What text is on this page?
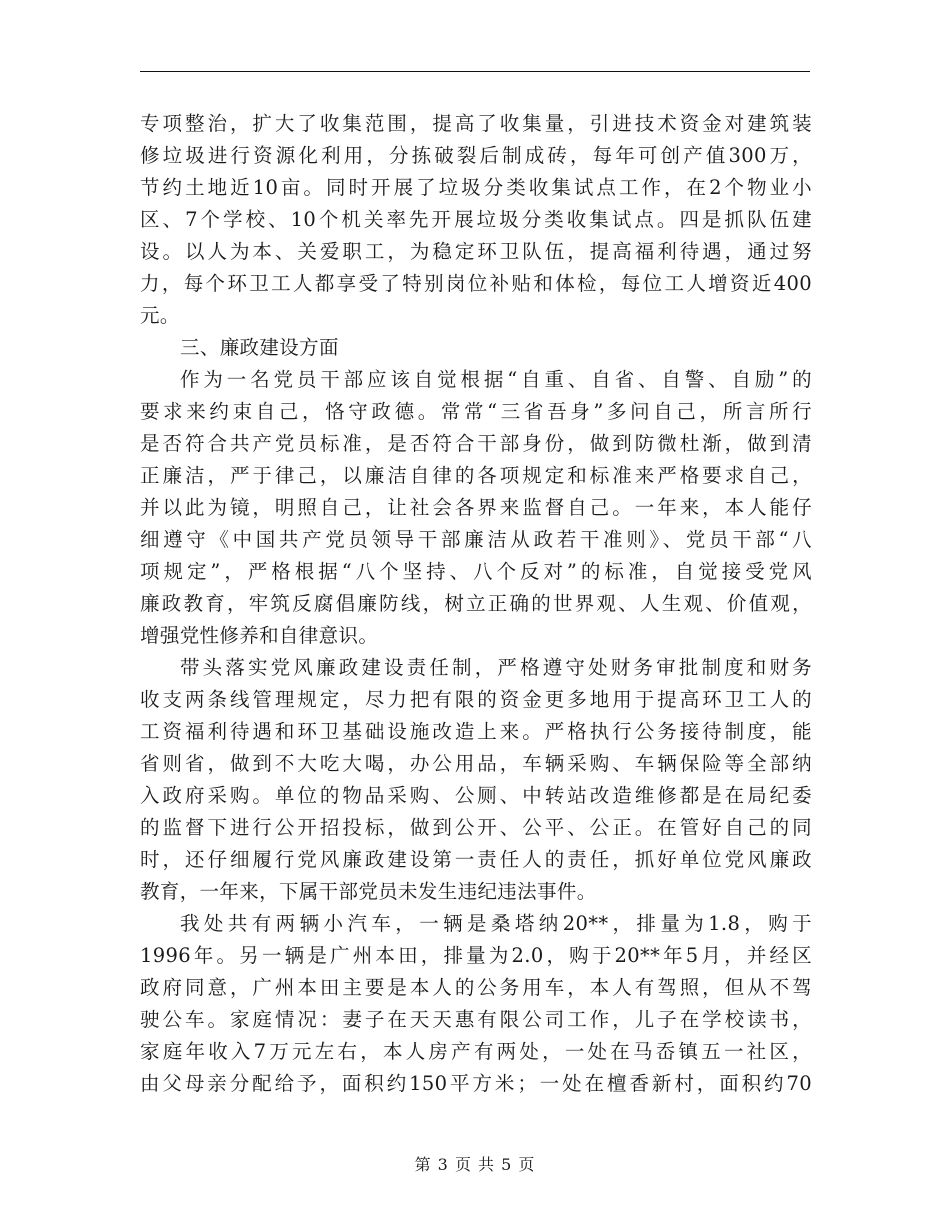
专项整治，扩大了收集范围，提高了收集量，引进技术资金对建筑装
修垃圾进行资源化利用，分拣破裂后制成砖，每年可创产值300万，
节约土地近10亩。同时开展了垃圾分类收集试点工作，在2个物业小
区、7个学校、10个机关率先开展垃圾分类收集试点。四是抓队伍建
设。以人为本、关爱职工，为稳定环卫队伍，提高福利待遇，通过努
力，每个环卫工人都享受了特别岗位补贴和体检，每位工人增资近400
元。
三、廉政建设方面
作为一名党员干部应该自觉根据“自重、自省、自警、自励”的
要求来约束自己，恪守政德。常常“三省吾身”多问自己，所言所行
是否符合共产党员标准，是否符合干部身份，做到防微杜渐，做到清
正廉洁，严于律己，以廉洁自律的各项规定和标准来严格要求自己，
并以此为镜，明照自己，让社会各界来监督自己。一年来，本人能仔
细遵守《中国共产党员领导干部廉洁从政若干准则》、党员干部“八
项规定”，严格根据“八个坚持、八个反对”的标准，自觉接受党风
廉政教育，牢筑反腐倡廉防线，树立正确的世界观、人生观、价值观，
增强党性修养和自律意识。
带头落实党风廉政建设责任制，严格遵守处财务审批制度和财务
收支两条线管理规定，尽力把有限的资金更多地用于提高环卫工人的
工资福利待遇和环卫基础设施改造上来。严格执行公务接待制度，能
省则省，做到不大吃大喝，办公用品，车辆采购、车辆保险等全部纳
入政府采购。单位的物品采购、公厕、中转站改造维修都是在局纪委
的监督下进行公开招投标，做到公开、公平、公正。在管好自己的同
时，还仔细履行党风廉政建设第一责任人的责任，抓好单位党风廉政
教育，一年来，下属干部党员未发生违纪违法事件。
我处共有两辆小汽车，一辆是桑塔纳20**，排量为1.8，购于
1996年。另一辆是广州本田，排量为2.0，购于20**年5月，并经区
政府同意，广州本田主要是本人的公务用车，本人有驾照，但从不驾
驶公车。家庭情况：妻子在天天惠有限公司工作，儿子在学校读书，
家庭年收入7万元左右，本人房产有两处，一处在马岙镇五一社区，
由父母亲分配给予，面积约150平方米；一处在檀香新村，面积约70
第 3 页 共 5 页
